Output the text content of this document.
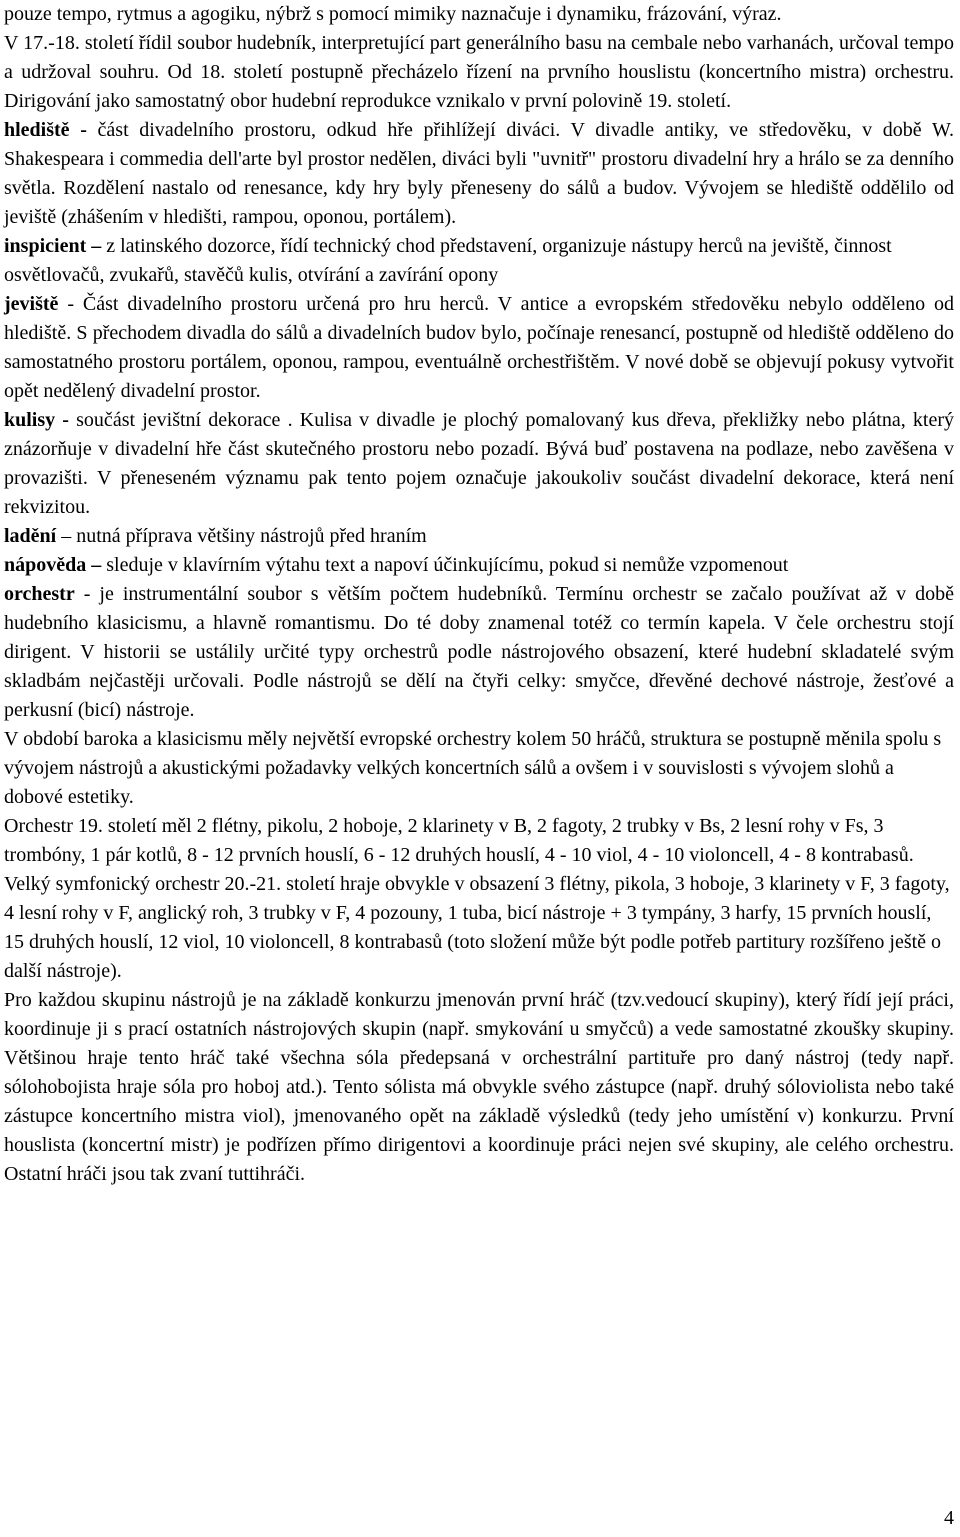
pouze tempo, rytmus a agogiku, nýbrž s pomocí mimiky naznačuje i dynamiku, frázování, výraz.

V 17.-18. století řídil soubor hudebník, interpretující part generálního basu na cembale nebo varhanách, určoval tempo a udržoval souhru. Od 18. století postupně přecházelo řízení na prvního houslistu (koncertního mistra) orchestru. Dirigování jako samostatný obor hudební reprodukce vznikalo v první polovině 19. století.

hlediště - část divadelního prostoru, odkud hře přihlížejí diváci. V divadle antiky, ve středověku, v době W. Shakespeara i commedia dell'arte byl prostor nedělen, diváci byli "uvnitř" prostoru divadelní hry a hrálo se za denního světla. Rozdělení nastalo od renesance, kdy hry byly přeneseny do sálů a budov. Vývojem se hlediště oddělilo od jeviště (zhášením v hledišti, rampou, oponou, portálem).

inspicient – z latinského dozorce, řídí technický chod představení, organizuje nástupy herců na jeviště, činnost osvětlovačů, zvukařů, stavěčů kulis, otvírání a zavírání opony

jeviště - Část divadelního prostoru určená pro hru herců. V antice a evropském středověku nebylo odděleno od hlediště. S přechodem divadla do sálů a divadelních budov bylo, počínaje renesancí, postupně od hlediště odděleno do samostatného prostoru portálem, oponou, rampou, eventuálně orchestřištěm. V nové době se objevují pokusy vytvořit opět nedělený divadelní prostor.

kulisy - součást jevištní dekorace . Kulisa v divadle je plochý pomalovaný kus dřeva, překližky nebo plátna, který znázorňuje v divadelní hře část skutečného prostoru nebo pozadí. Bývá buď postavena na podlaze, nebo zavěšena v provazišti. V přeneseném významu pak tento pojem označuje jakoukoliv součást divadelní dekorace, která není rekvizitou.

ladění – nutná příprava většiny nástrojů před hraním

nápověda – sleduje v klavírním výtahu text a napoví účinkujícímu, pokud si nemůže vzpomenout

orchestr - je instrumentální soubor s větším počtem hudebníků. Termínu orchestr se začalo používat až v době hudebního klasicismu, a hlavně romantismu. Do té doby znamenal totéž co termín kapela. V čele orchestru stojí dirigent. V historii se ustálily určité typy orchestrů podle nástrojového obsazení, které hudební skladatelé svým skladbám nejčastěji určovali. Podle nástrojů se dělí na čtyři celky: smyčce, dřevěné dechové nástroje, žesťové a perkusní (bicí) nástroje.

V období baroka a klasicismu měly největší evropské orchestry kolem 50 hráčů, struktura se postupně měnila spolu s vývojem nástrojů a akustickými požadavky velkých koncertních sálů a ovšem i v souvislosti s vývojem slohů a dobové estetiky.

Orchestr 19. století měl 2 flétny, pikolu, 2 hoboje, 2 klarinety v B, 2 fagoty, 2 trubky v Bs, 2 lesní rohy v Fs, 3 trombóny, 1 pár kotlů, 8 - 12 prvních houslí, 6 - 12 druhých houslí, 4 - 10 viol, 4 - 10 violoncell, 4 - 8 kontrabasů.

Velký symfonický orchestr 20.-21. století hraje obvykle v obsazení 3 flétny, pikola, 3 hoboje, 3 klarinety v F, 3 fagoty, 4 lesní rohy v F, anglický roh, 3 trubky v F, 4 pozouny, 1 tuba, bicí nástroje + 3 tympány, 3 harfy, 15 prvních houslí, 15 druhých houslí, 12 viol, 10 violoncell, 8 kontrabasů (toto složení může být podle potřeb partitury rozšířeno ještě o další nástroje).

Pro každou skupinu nástrojů je na základě konkurzu jmenován první hráč (tzv.vedoucí skupiny), který řídí její práci, koordinuje ji s prací ostatních nástrojových skupin (např. smykování u smyčců) a vede samostatné zkoušky skupiny. Většinou hraje tento hráč také všechna sóla předepsaná v orchestrální partituře pro daný nástroj (tedy např. sólohobojista hraje sóla pro hoboj atd.). Tento sólista má obvykle svého zástupce (např. druhý sóloviolista nebo také zástupce koncertního mistra viol), jmenovaného opět na základě výsledků (tedy jeho umístění v) konkurzu. První houslista (koncertní mistr) je podřízen přímo dirigentovi a koordinuje práci nejen své skupiny, ale celého orchestru. Ostatní hráči jsou tak zvaní tuttihráči.

4
